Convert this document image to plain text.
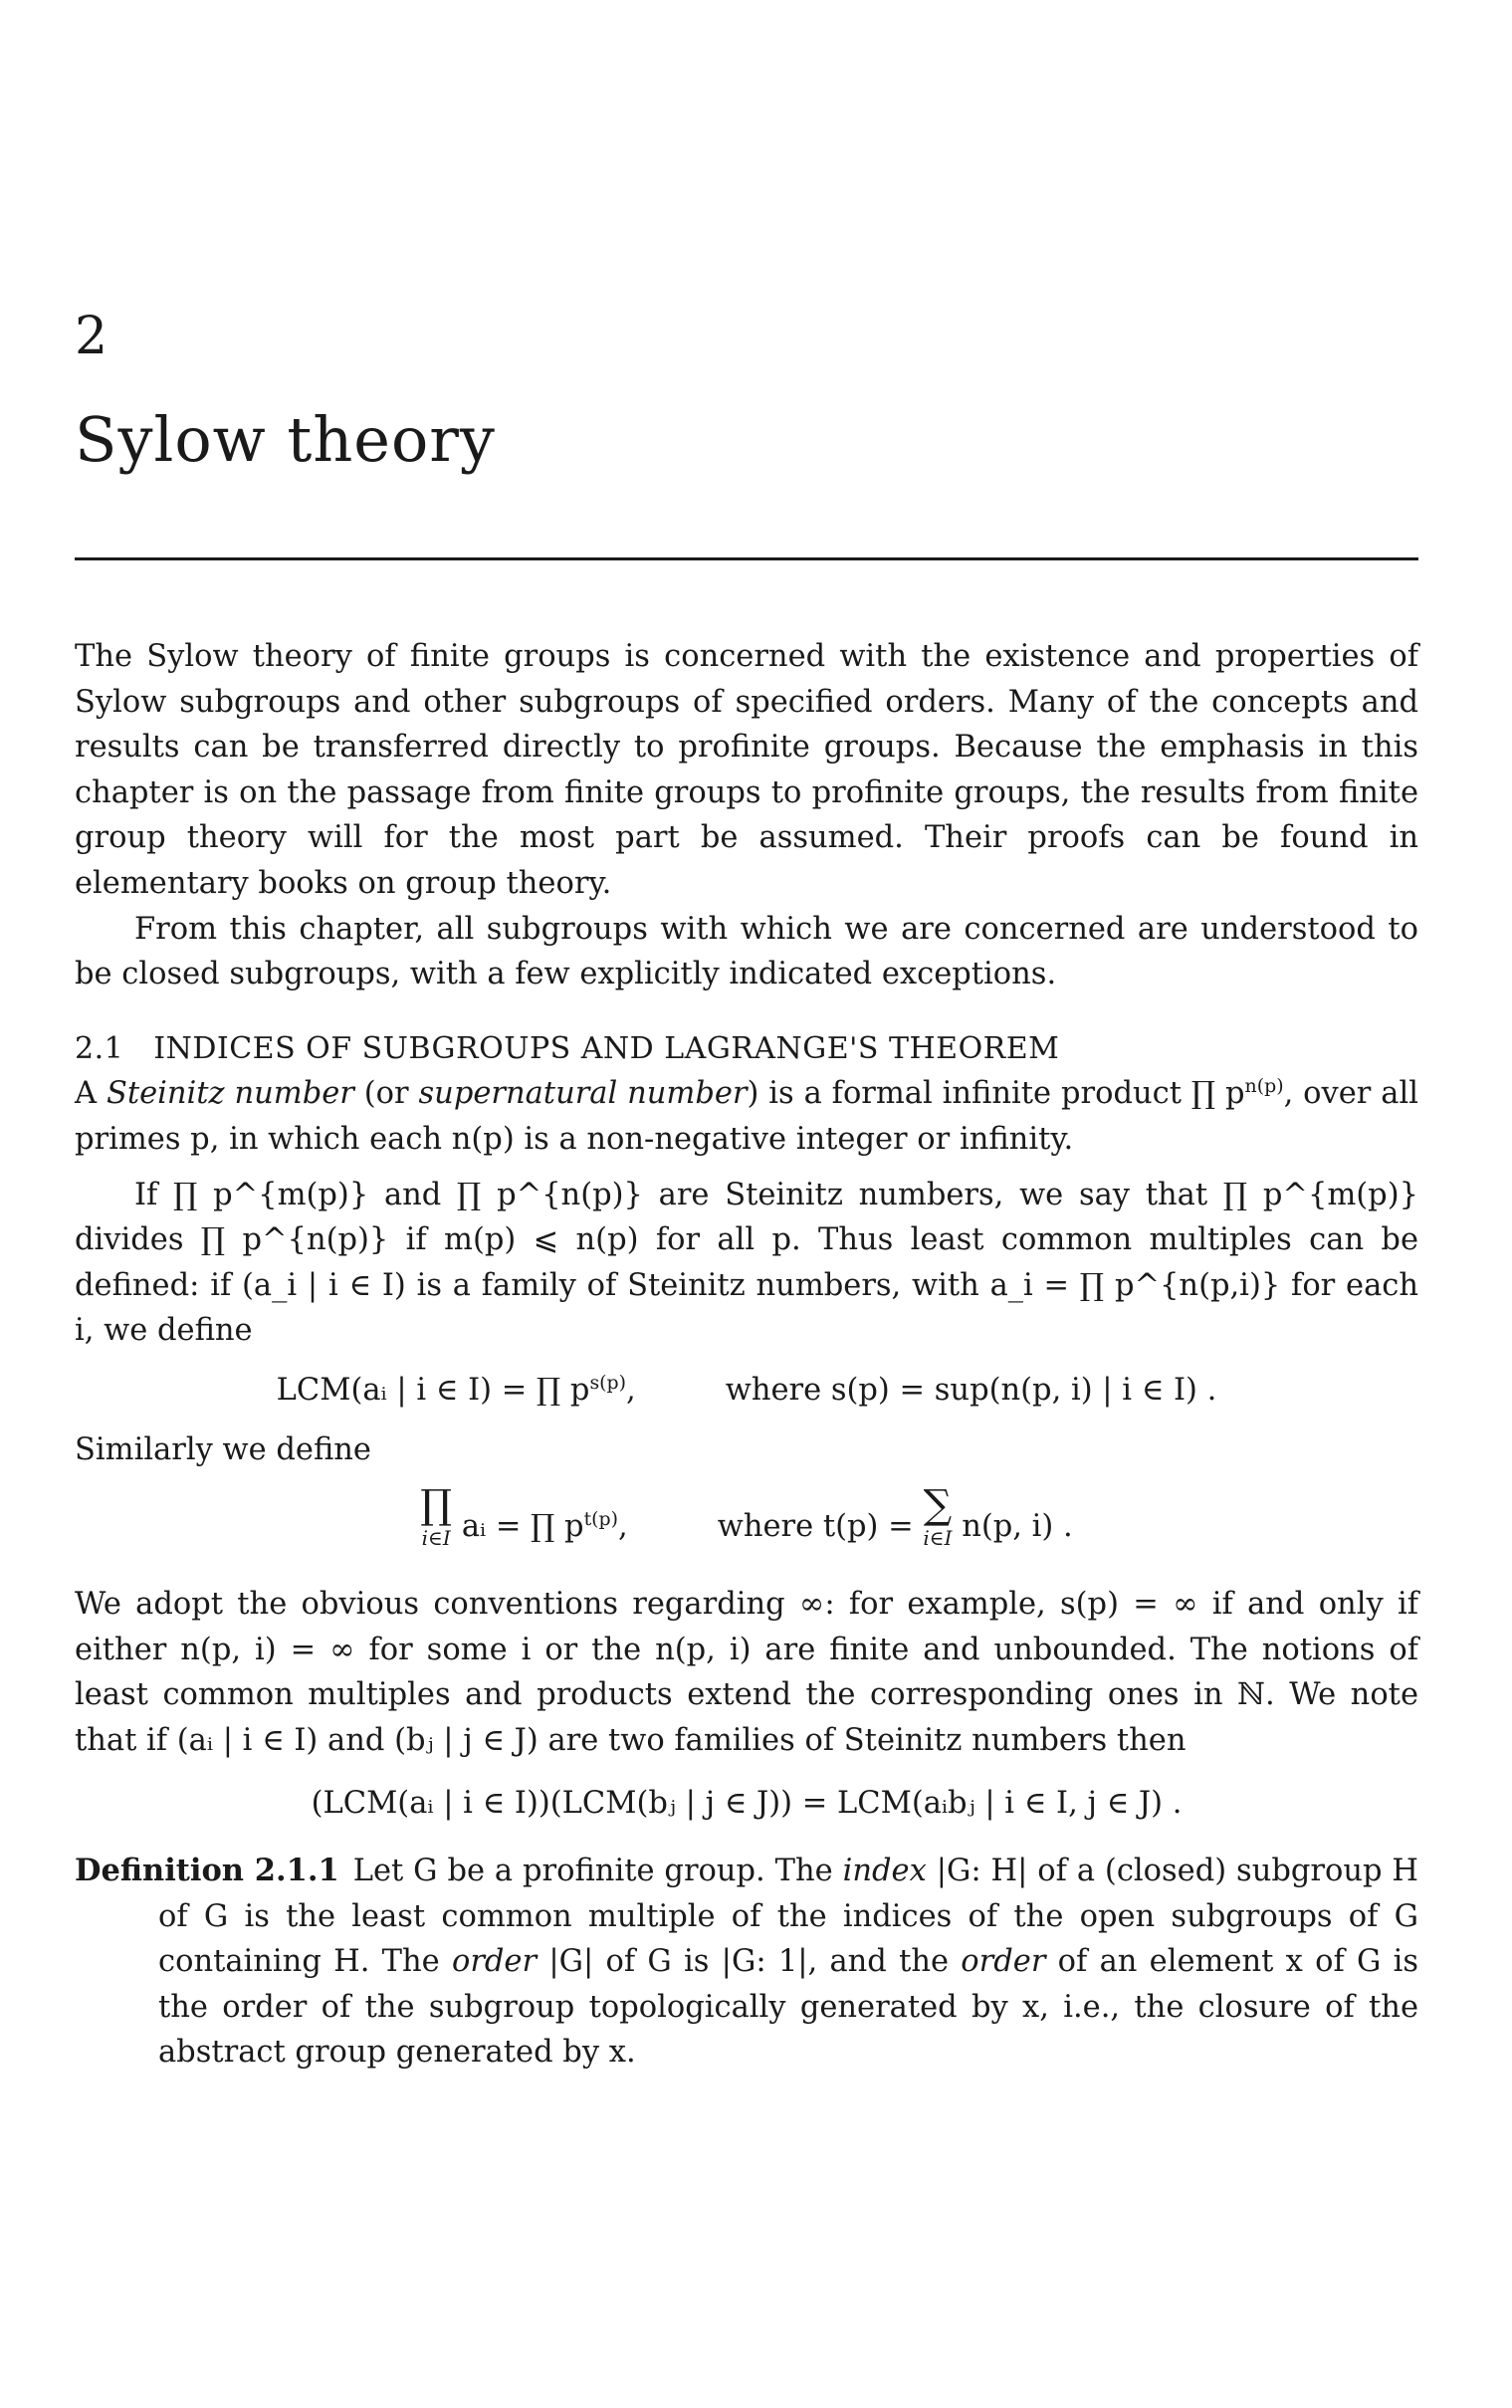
2
Sylow theory

The Sylow theory of finite groups is concerned with the existence and properties of Sylow subgroups and other subgroups of specified orders. Many of the concepts and results can be transferred directly to profinite groups. Because the emphasis in this chapter is on the passage from finite groups to profinite groups, the results from finite group theory will for the most part be assumed. Their proofs can be found in elementary books on group theory.

From this chapter, all subgroups with which we are concerned are understood to be closed subgroups, with a few explicitly indicated exceptions.

2.1 INDICES OF SUBGROUPS AND LAGRANGE'S THEOREM

A Steinitz number (or supernatural number) is a formal infinite product ∏ $p^{n(p)}$, over all primes p, in which each n(p) is a non-negative integer or infinity.

If ∏ p^{m(p)} and ∏ p^{n(p)} are Steinitz numbers, we say that ∏ p^{m(p)} divides ∏ p^{n(p)} if m(p) ⩽ n(p) for all p. Thus least common multiples can be defined: if (a_i | i ∈ I) is a family of Steinitz numbers, with a_i = ∏ p^{n(p,i)} for each i, we define

LCM(aᵢ | i ∈ I) = ∏ $p^{s(p)}$,	where s(p) = sup(n(p, i) | i ∈ I) .

Similarly we define

∏
i∈I aᵢ = ∏ $p^{t(p)}$,	where t(p) = ∑
i∈I n(p, i) .

We adopt the obvious conventions regarding ∞: for example, s(p) = ∞ if and only if either n(p, i) = ∞ for some i or the n(p, i) are finite and unbounded. The notions of least common multiples and products extend the corresponding ones in ℕ. We note that if (aᵢ | i ∈ I) and (bⱼ | j ∈ J) are two families of Steinitz numbers then

(LCM(aᵢ | i ∈ I))(LCM(bⱼ | j ∈ J)) = LCM(aᵢbⱼ | i ∈ I, j ∈ J) .

Definition 2.1.1 Let G be a profinite group. The index |G: H| of a (closed) subgroup H of G is the least common multiple of the indices of the open subgroups of G containing H. The order |G| of G is |G: 1|, and the order of an element x of G is the order of the subgroup topologically generated by x, i.e., the closure of the abstract group generated by x.
